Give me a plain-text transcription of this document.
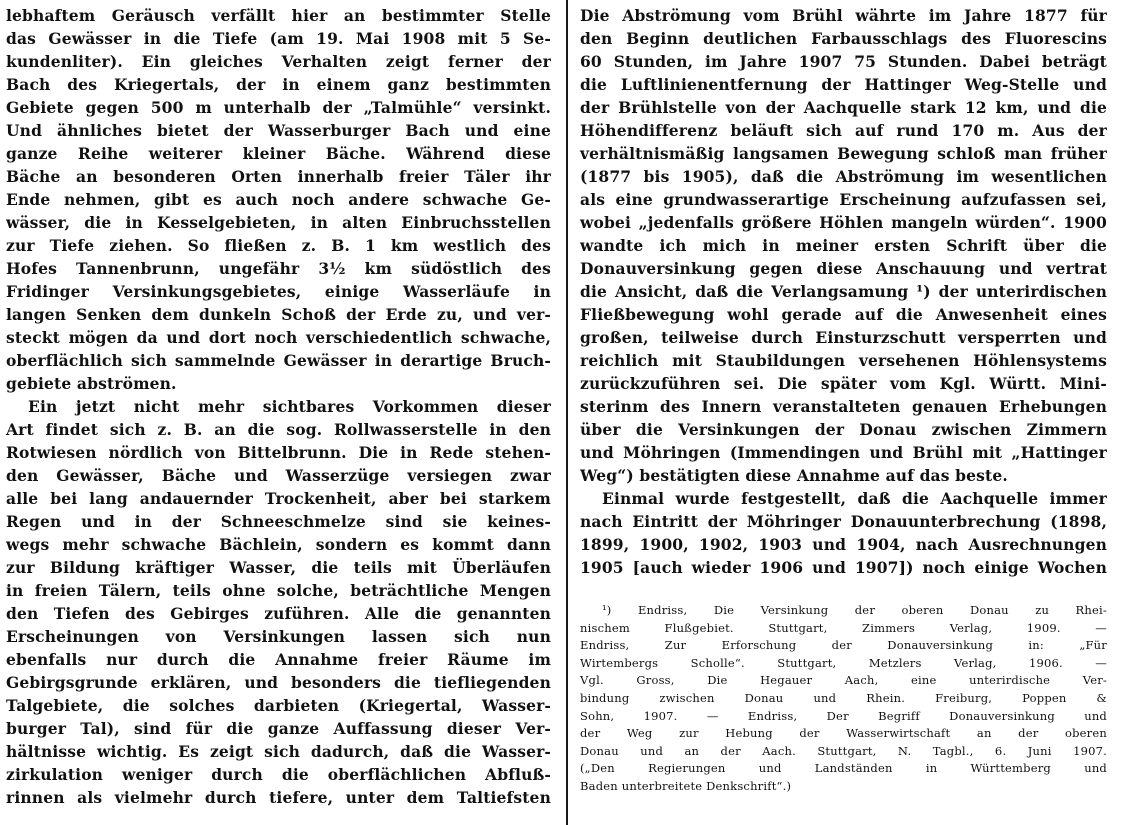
lebhaftem Geräusch verfällt hier an bestimmter Stelle
das Gewässer in die Tiefe (am 19. Mai 1908 mit 5 Se-
kundenliter). Ein gleiches Verhalten zeigt ferner der
Bach des Kriegertals, der in einem ganz bestimmten
Gebiete gegen 500 m unterhalb der „Talmühle“ versinkt.
Und ähnliches bietet der Wasserburger Bach und eine
ganze Reihe weiterer kleiner Bäche. Während diese
Bäche an besonderen Orten innerhalb freier Täler ihr
Ende nehmen, gibt es auch noch andere schwache Ge-
wässer, die in Kesselgebieten, in alten Einbruchsstellen
zur Tiefe ziehen. So fließen z. B. 1 km westlich des
Hofes Tannenbrunn, ungefähr 3½ km südöstlich des
Fridinger Versinkungsgebietes, einige Wasserläufe in
langen Senken dem dunkeln Schoß der Erde zu, und ver-
steckt mögen da und dort noch verschiedentlich schwache,
oberflächlich sich sammelnde Gewässer in derartige Bruch-
gebiete abströmen.
Ein jetzt nicht mehr sichtbares Vorkommen dieser
Art findet sich z. B. an die sog. Rollwasserstelle in den
Rotwiesen nördlich von Bittelbrunn. Die in Rede stehen-
den Gewässer, Bäche und Wasserzüge versiegen zwar
alle bei lang andauernder Trockenheit, aber bei starkem
Regen und in der Schneeschmelze sind sie keines-
wegs mehr schwache Bächlein, sondern es kommt dann
zur Bildung kräftiger Wasser, die teils mit Überläufen
in freien Tälern, teils ohne solche, beträchtliche Mengen
den Tiefen des Gebirges zuführen. Alle die genannten
Erscheinungen von Versinkungen lassen sich nun
ebenfalls nur durch die Annahme freier Räume im
Gebirgsgrunde erklären, und besonders die tiefliegenden
Talgebiete, die solches darbieten (Kriegertal, Wasser-
burger Tal), sind für die ganze Auffassung dieser Ver-
hältnisse wichtig. Es zeigt sich dadurch, daß die Wasser-
zirkulation weniger durch die oberflächlichen Abfluß-
rinnen als vielmehr durch tiefere, unter dem Taltiefsten
Die Abströmung vom Brühl währte im Jahre 1877 für
den Beginn deutlichen Farbausschlags des Fluorescins
60 Stunden, im Jahre 1907 75 Stunden. Dabei beträgt
die Luftlinienentfernung der Hattinger Weg-Stelle und
der Brühlstelle von der Aachquelle stark 12 km, und die
Höhendifferenz beläuft sich auf rund 170 m. Aus der
verhältnismäßig langsamen Bewegung schloß man früher
(1877 bis 1905), daß die Abströmung im wesentlichen
als eine grundwasserartige Erscheinung aufzufassen sei,
wobei „jedenfalls größere Höhlen mangeln würden“. 1900
wandte ich mich in meiner ersten Schrift über die
Donauversinkung gegen diese Anschauung und vertrat
die Ansicht, daß die Verlangsamung ¹) der unterirdischen
Fließbewegung wohl gerade auf die Anwesenheit eines
großen, teilweise durch Einsturzschutt versperrten und
reichlich mit Staubildungen versehenen Höhlensystems
zurückzuführen sei. Die später vom Kgl. Württ. Mini-
sterinm des Innern veranstalteten genauen Erhebungen
über die Versinkungen der Donau zwischen Zimmern
und Möhringen (Immendingen und Brühl mit „Hattinger
Weg“) bestätigten diese Annahme auf das beste.
Einmal wurde festgestellt, daß die Aachquelle immer
nach Eintritt der Möhringer Donauunterbrechung (1898,
1899, 1900, 1902, 1903 und 1904, nach Ausrechnungen
1905 [auch wieder 1906 und 1907]) noch einige Wochen
¹) Endriss, Die Versinkung der oberen Donau zu Rhei-
nischem Flußgebiet. Stuttgart, Zimmers Verlag, 1909. —
Endriss, Zur Erforschung der Donauversinkung in: „Für
Wirtembergs Scholle“. Stuttgart, Metzlers Verlag, 1906. —
Vgl. Gross, Die Hegauer Aach, eine unterirdische Ver-
bindung zwischen Donau und Rhein. Freiburg, Poppen &
Sohn, 1907. — Endriss, Der Begriff Donauversinkung und
der Weg zur Hebung der Wasserwirtschaft an der oberen
Donau und an der Aach. Stuttgart, N. Tagbl., 6. Juni 1907.
(„Den Regierungen und Landständen in Württemberg und
Baden unterbreitete Denkschrift“.)
